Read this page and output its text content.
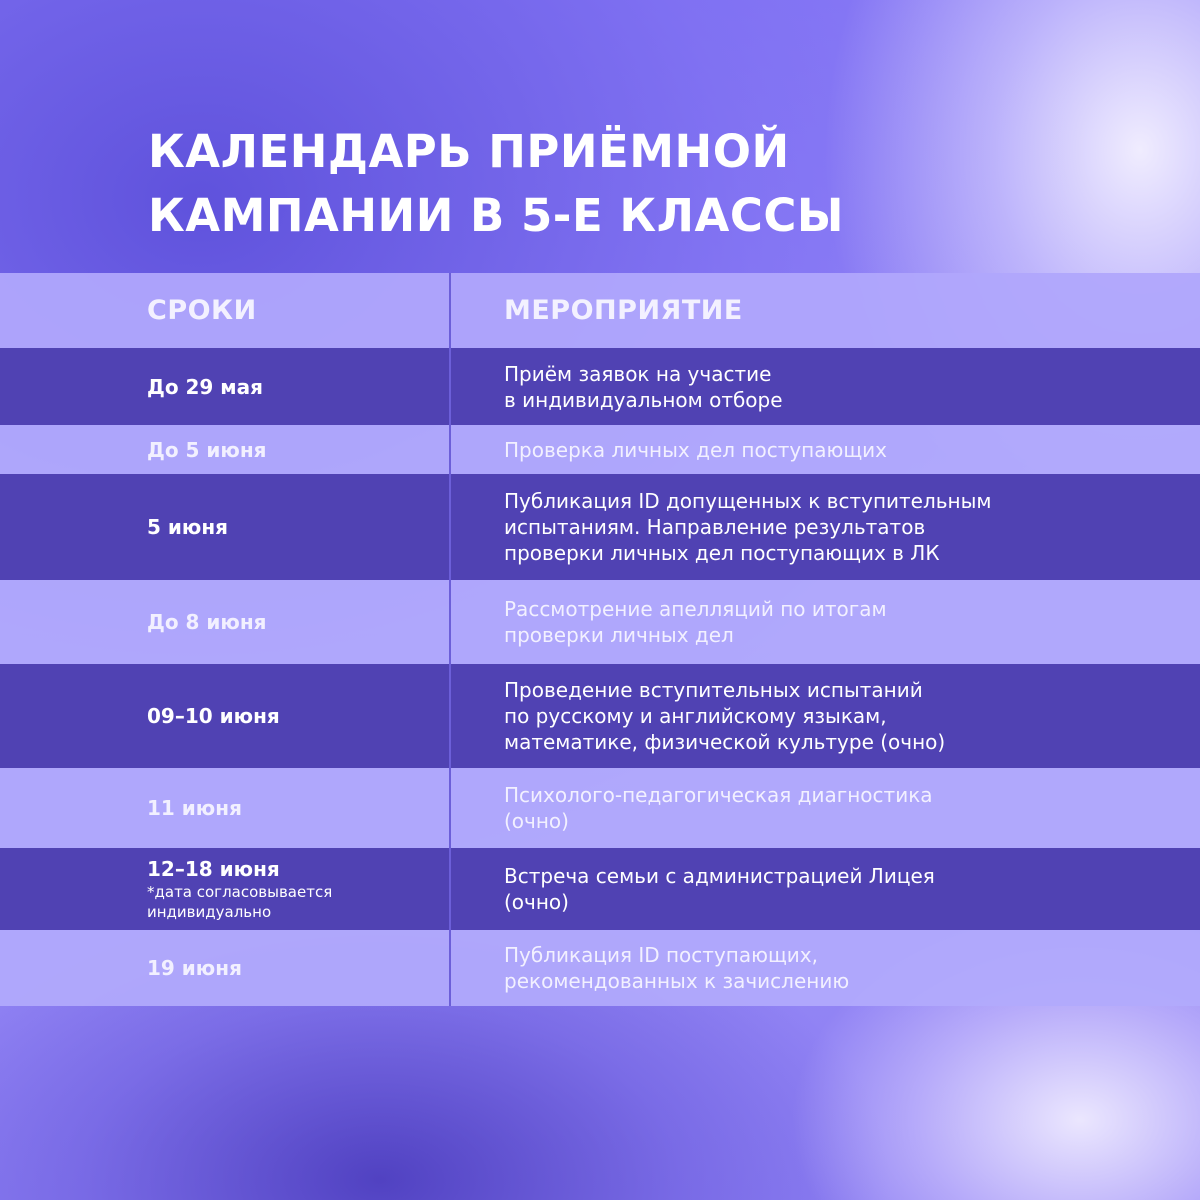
КАЛЕНДАРЬ ПРИЁМНОЙ
КАМПАНИИ В 5-Е КЛАССЫ
СРОКИ	МЕРОПРИЯТИЕ
До 29 мая
Приём заявок на участие
в индивидуальном отборе
До 5 июня	Проверка личных дел поступающих
5 июня
Публикация ID допущенных к вступительным
испытаниям. Направление результатов
проверки личных дел поступающих в ЛК
До 8 июня
Рассмотрение апелляций по итогам
проверки личных дел
09–10 июня
Проведение вступительных испытаний
по русскому и английскому языкам,
математике, физической культуре (очно)
11 июня
Психолого-педагогическая диагностика
(очно)
12–18 июня
*дата согласовывается
индивидуально
Встреча семьи с администрацией Лицея
(очно)
19 июня
Публикация ID поступающих,
рекомендованных к зачислению
